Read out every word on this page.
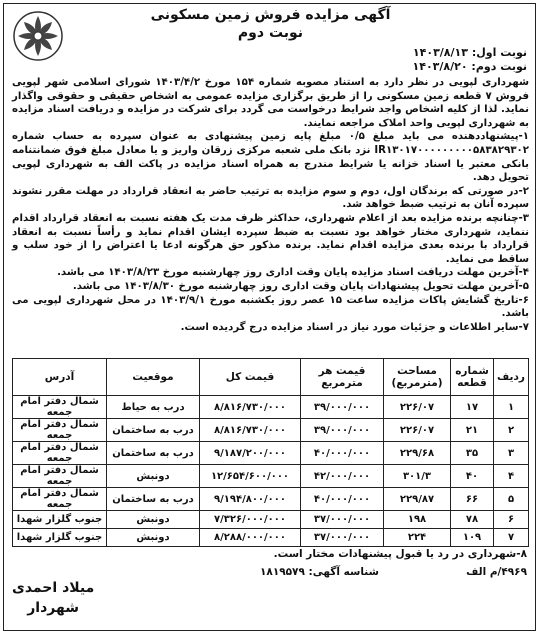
آگهی مزایده فروش زمین مسکونی
نوبت دوم
نوبت اول: ۱۴۰۳/۸/۱۳
نوبت دوم: ۱۴۰۳/۸/۲۰

شهرداری لپویی در نظر دارد به استناد مصوبه شماره ۱۵۴ مورخ ۱۴۰۳/۴/۲ شورای اسلامی شهر لپویی فروش ۷ قطعه زمین مسکونی را از طریق برگزاری مزایده عمومی به اشخاص حقیقی و حقوقی واگذار نماید. لذا از کلیه اشخاص واجد شرایط درخواست می گردد برای شرکت در مزایده و دریافت اسناد مزایده به شهرداری لپویی واحد املاک مراجعه نمایند.

۱-پیشنهاددهنده می باید مبلغ ۰/۵ مبلغ پایه زمین پیشنهادی به عنوان سپرده به حساب شماره IR۱۳۰۱۷۰۰۰۰۰۰۰۰۰۵۸۳۸۲۹۳۰۲ نزد بانک ملی شعبه مرکزی زرقان واریز و یا معادل مبلغ فوق ضمانتنامه بانکی معتبر یا اسناد خزانه یا شرایط مندرج به همراه اسناد مزایده در پاکت الف به شهرداری لپویی تحویل دهد.

۲-در صورتی که برندگان اول، دوم و سوم مزایده به ترتیب حاضر به انعقاد قرارداد در مهلت مقرر نشوند سپرده آنان به ترتیب ضبط خواهد شد.

۳-چنانچه برنده مزایده بعد از اعلام شهرداری، حداکثر ظرف مدت یک هفته نسبت به انعقاد قرارداد اقدام ننماید، شهرداری مختار خواهد بود نسبت به ضبط سپرده ایشان اقدام نماید و رأساً نسبت به انعقاد قرارداد با برنده بعدی مزایده اقدام نماید. برنده مذکور حق هرگونه ادعا یا اعتراض را از خود سلب و ساقط می نماید.

۴-آخرین مهلت دریافت اسناد مزایده پایان وقت اداری روز چهارشنبه مورخ ۱۴۰۳/۸/۲۳ می باشد.

۵-آخرین مهلت تحویل پیشنهادات پایان وقت اداری روز چهارشنبه مورخ ۱۴۰۳/۸/۳۰ می باشد.

۶-تاریخ گشایش پاکات مزایده ساعت ۱۵ عصر روز یکشنبه مورخ ۱۴۰۳/۹/۱ در محل شهرداری لپویی می باشد.

۷-سایر اطلاعات و جزئیات مورد نیاز در اسناد مزایده درج گردیده است.

ردیف	شماره قطعه	مساحت (مترمربع)	قیمت هر مترمربع	قیمت کل	موقعیت	آدرس
۱	۱۷	۲۲۶/۰۷	۳۹/۰۰۰/۰۰۰	۸/۸۱۶/۷۳۰/۰۰۰	درب به حیاط	شمال دفتر امام جمعه
۲	۲۱	۲۲۶/۰۷	۳۹/۰۰۰/۰۰۰	۸/۸۱۶/۷۳۰/۰۰۰	درب به ساختمان	شمال دفتر امام جمعه
۳	۳۵	۲۲۹/۶۸	۴۰/۰۰۰/۰۰۰	۹/۱۸۷/۲۰۰/۰۰۰	درب به ساختمان	شمال دفتر امام جمعه
۴	۴۰	۳۰۱/۳	۴۲/۰۰۰/۰۰۰	۱۲/۶۵۴/۶۰۰/۰۰۰	دونبش	شمال دفتر امام جمعه
۵	۶۶	۲۲۹/۸۷	۴۰/۰۰۰/۰۰۰	۹/۱۹۴/۸۰۰/۰۰۰	درب به ساختمان	شمال دفتر امام جمعه
۶	۷۸	۱۹۸	۳۷/۰۰۰/۰۰۰	۷/۳۲۶/۰۰۰/۰۰۰	دونبش	جنوب گلزار شهدا
۷	۱۰۹	۲۲۴	۳۷/۰۰۰/۰۰۰	۸/۲۸۸/۰۰۰/۰۰۰	دونبش	جنوب گلزار شهدا
۸-شهرداری در رد یا قبول پیشنهادات مختار است.
۴۹۶۹/م الف
شناسه آگهی: ۱۸۱۹۵۷۹
میلاد احمدی
شهردار
